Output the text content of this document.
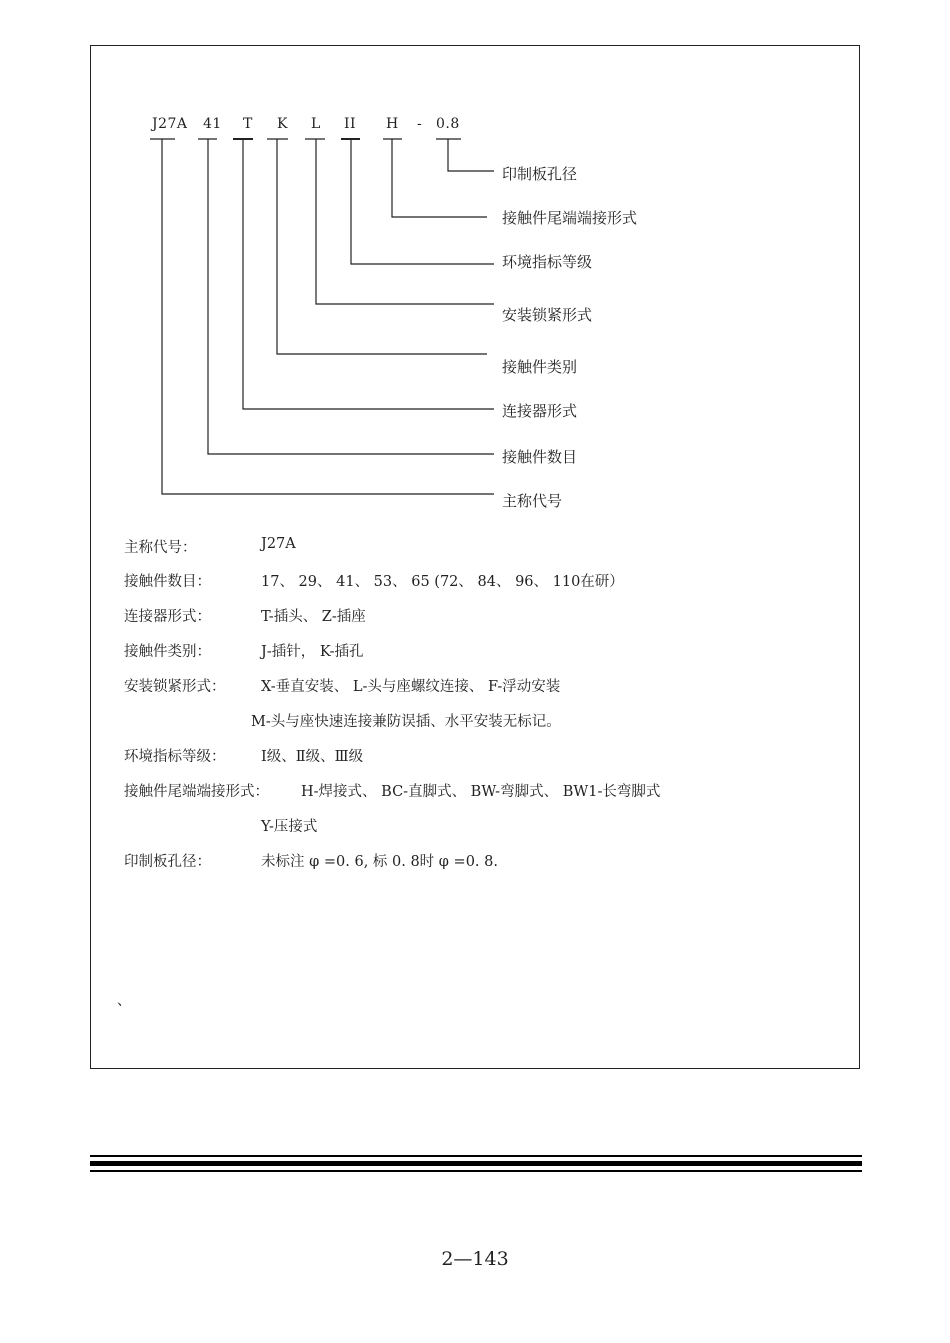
J27A 41 T K L II H - 0.8
印制板孔径
接触件尾端端接形式
环境指标等级
安装锁紧形式
接触件类别
连接器形式
接触件数目
主称代号
主称代号：	J27A
接触件数目：	17、 29、 41、 53、 65 (72、 84、 96、 110在研）
连接器形式：	T-插头、 Z-插座
接触件类别：	J-插针， K-插孔
安装锁紧形式： X-垂直安装、 L-头与座螺纹连接、 F-浮动安装
M-头与座快速连接兼防误插、水平安装无标记。
环境指标等级： Ⅰ级、Ⅱ级、Ⅲ级
接触件尾端端接形式： H-焊接式、 BC-直脚式、 BW-弯脚式、 BW1-长弯脚式
Y-压接式
印制板孔径：	未标注 φ =0. 6, 标 0. 8时 φ =0. 8.
、
2—143
